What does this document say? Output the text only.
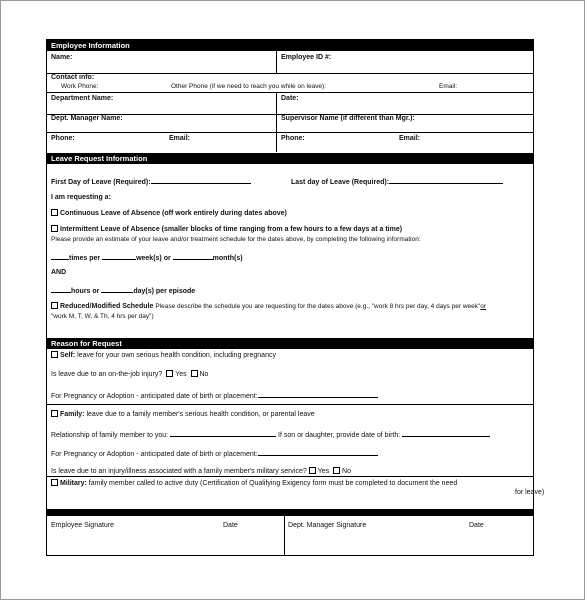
Employee Information
Name:	Employee ID #:
Contact info:
Work Phone:	Other Phone (if we need to reach you while on leave):	Email:
Department Name:	Date:
Dept. Manager Name:	Supervisor Name (if different than Mgr.):
Phone:	Email:	Phone:	Email:
Leave Request Information
First Day of Leave (Required):	Last day of Leave (Required):
I am requesting a:
Continuous Leave of Absence (off work entirely during dates above)
Intermittent Leave of Absence (smaller blocks of time ranging from a few hours to a few days at a time)
Please provide an estimate of your leave and/or treatment schedule for the dates above, by completing the following information:
times per	week(s) or	month(s)
AND
hours or	day(s) per episode
Reduced/Modified Schedule Please describe the schedule you are requesting for the dates above (e.g., "work 8 hrs per day, 4 days per week"or
"work M, T, W, & Th, 4 hrs per day")
Reason for Request
Self: leave for your own serious health condition, including pregnancy
Is leave due to an on-the-job injury? Yes No
For Pregnancy or Adoption - anticipated date of birth or placement:
Family: leave due to a family member's serious health condition, or parental leave
Relationship of family member to you:	If son or daughter, provide date of birth:
For Pregnancy or Adoption - anticipated date of birth or placement:
Is leave due to an injury/illness associated with a family member's military service? Yes No
Military: family member called to active duty (Certification of Qualifying Exigency form must be completed to document the need
for leave)
Employee Signature	Date	Dept. Manager Signature	Date
